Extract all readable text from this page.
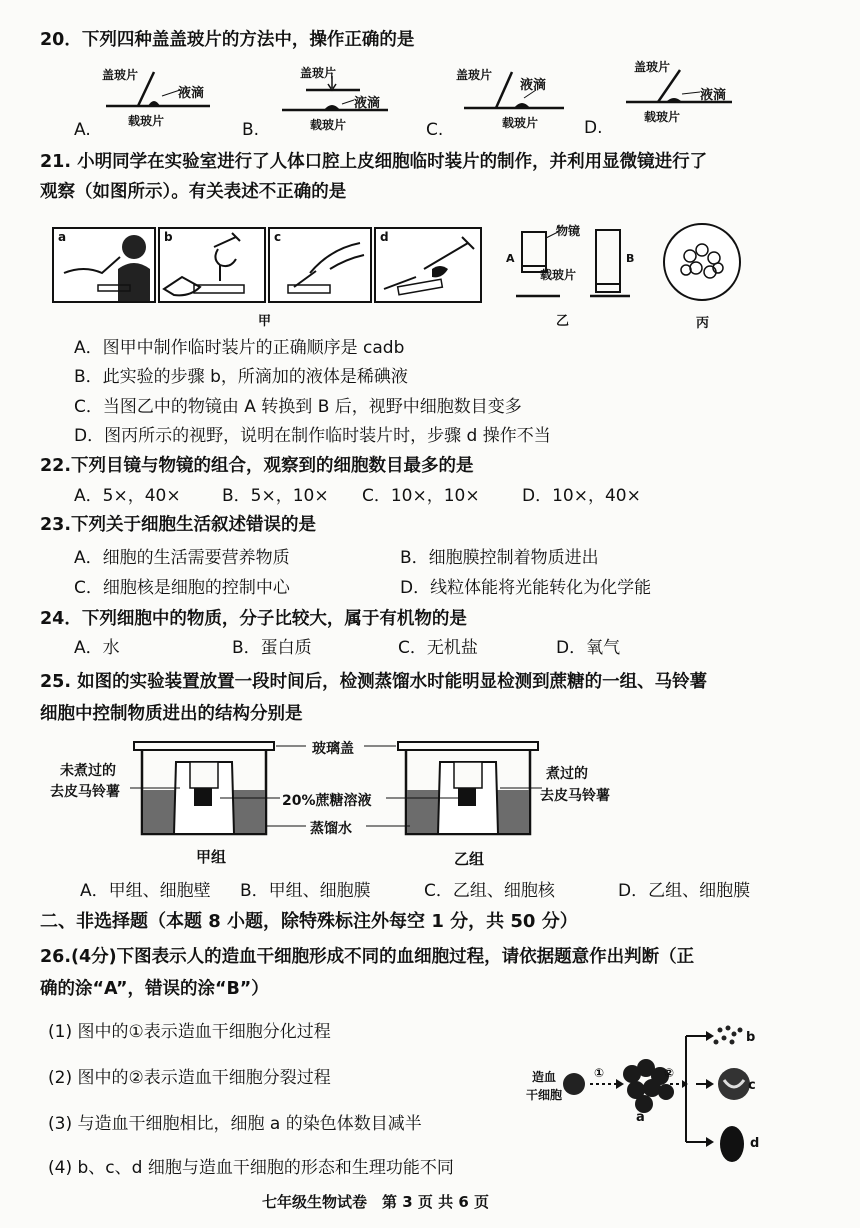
20．下列四种盖盖玻片的方法中，操作正确的是
盖玻片
液滴
载玻片
A.
盖玻片
液滴
载玻片
B.
盖玻片
液滴
载玻片
C.
盖玻片
液滴
载玻片
D.
21. 小明同学在实验室进行了人体口腔上皮细胞临时装片的制作，并利用显微镜进行了
观察（如图所示）。有关表述不正确的是
a	b	c	d
甲
A	B
物镜
载玻片
乙	丙
A．图甲中制作临时装片的正确顺序是 cadb
B．此实验的步骤 b，所滴加的液体是稀碘液
C．当图乙中的物镜由 A 转换到 B 后，视野中细胞数目变多
D．图丙所示的视野，说明在制作临时装片时，步骤 d 操作不当
22.下列目镜与物镜的组合，观察到的细胞数目最多的是
A．5×，40× B．5×，10× C．10×，10× D．10×，40×
23.下列关于细胞生活叙述错误的是
A．细胞的生活需要营养物质	B．细胞膜控制着物质进出
C．细胞核是细胞的控制中心	D．线粒体能将光能转化为化学能
24．下列细胞中的物质，分子比较大，属于有机物的是
A．水	B．蛋白质	C．无机盐	D．氧气
25. 如图的实验装置放置一段时间后，检测蒸馏水时能明显检测到蔗糖的一组、马铃薯
细胞中控制物质进出的结构分别是
玻璃盖
20%蔗糖溶液
蒸馏水
未煮过的
去皮马铃薯
煮过的
去皮马铃薯
甲组	乙组
A．甲组、细胞壁 B．甲组、细胞膜	C．乙组、细胞核	D．乙组、细胞膜
二、非选择题（本题 8 小题，除特殊标注外每空 1 分，共 50 分）
26.(4分)下图表示人的造血干细胞形成不同的血细胞过程，请依据题意作出判断（正
确的涂“A”，错误的涂“B”）
(1) 图中的①表示造血干细胞分化过程
(2) 图中的②表示造血干细胞分裂过程
(3) 与造血干细胞相比，细胞 a 的染色体数目减半
(4) b、c、d 细胞与造血干细胞的形态和生理功能不同
造血
干细胞
①	②
a
b
c
d
七年级生物试卷　第 3 页 共 6 页
